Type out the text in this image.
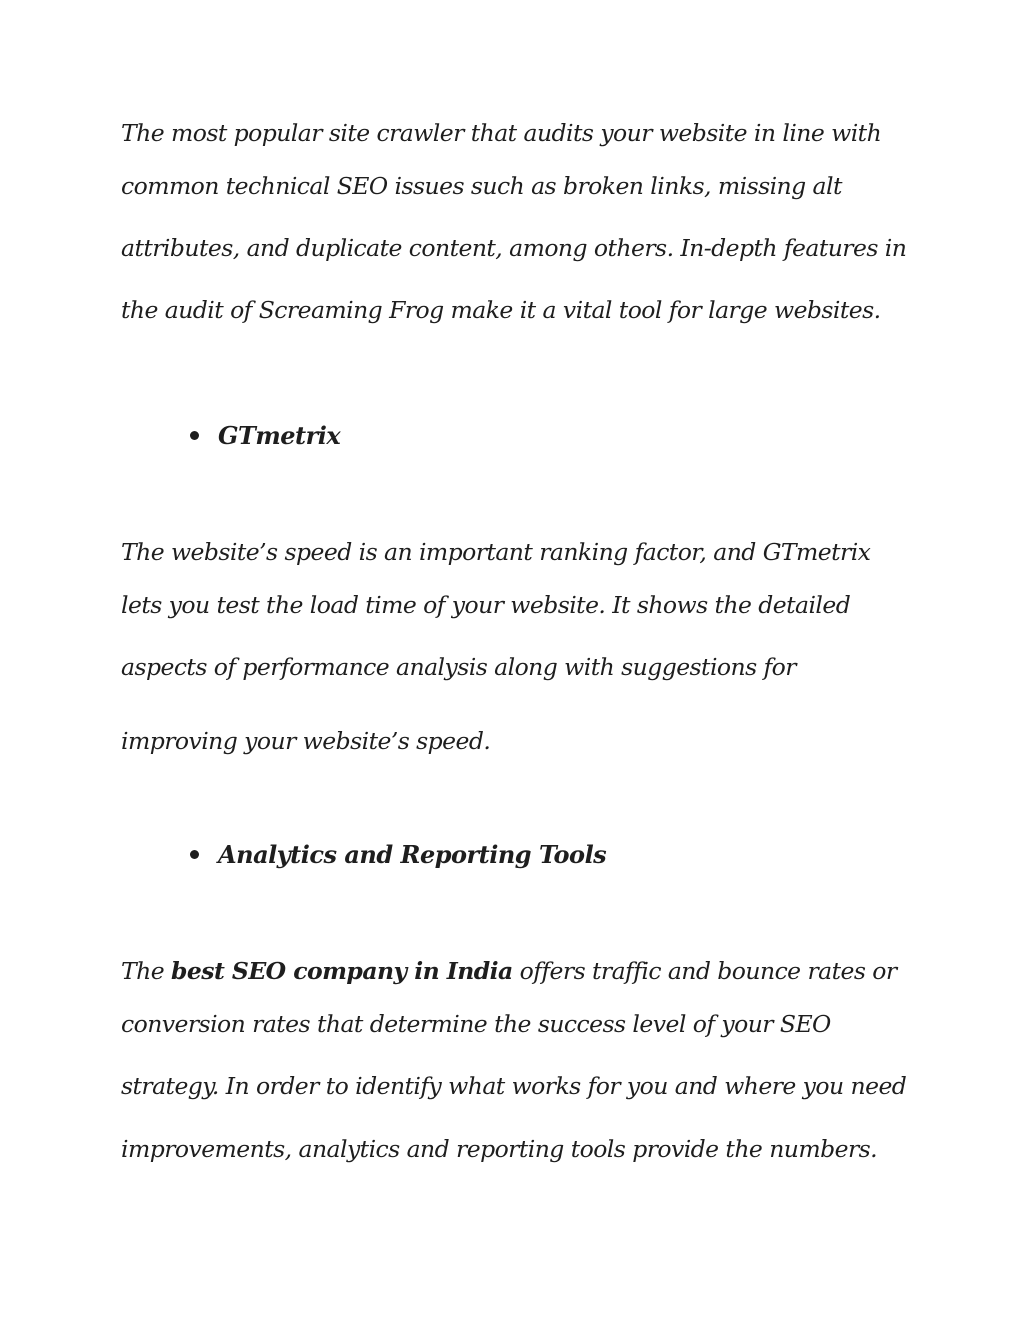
The most popular site crawler that audits your website in line with
common technical SEO issues such as broken links, missing alt
attributes, and duplicate content, among others. In-depth features in
the audit of Screaming Frog make it a vital tool for large websites.
GTmetrix
The website’s speed is an important ranking factor, and GTmetrix
lets you test the load time of your website. It shows the detailed
aspects of performance analysis along with suggestions for
improving your website’s speed.
Analytics and Reporting Tools
The best SEO company in India offers traffic and bounce rates or
conversion rates that determine the success level of your SEO
strategy. In order to identify what works for you and where you need
improvements, analytics and reporting tools provide the numbers.
